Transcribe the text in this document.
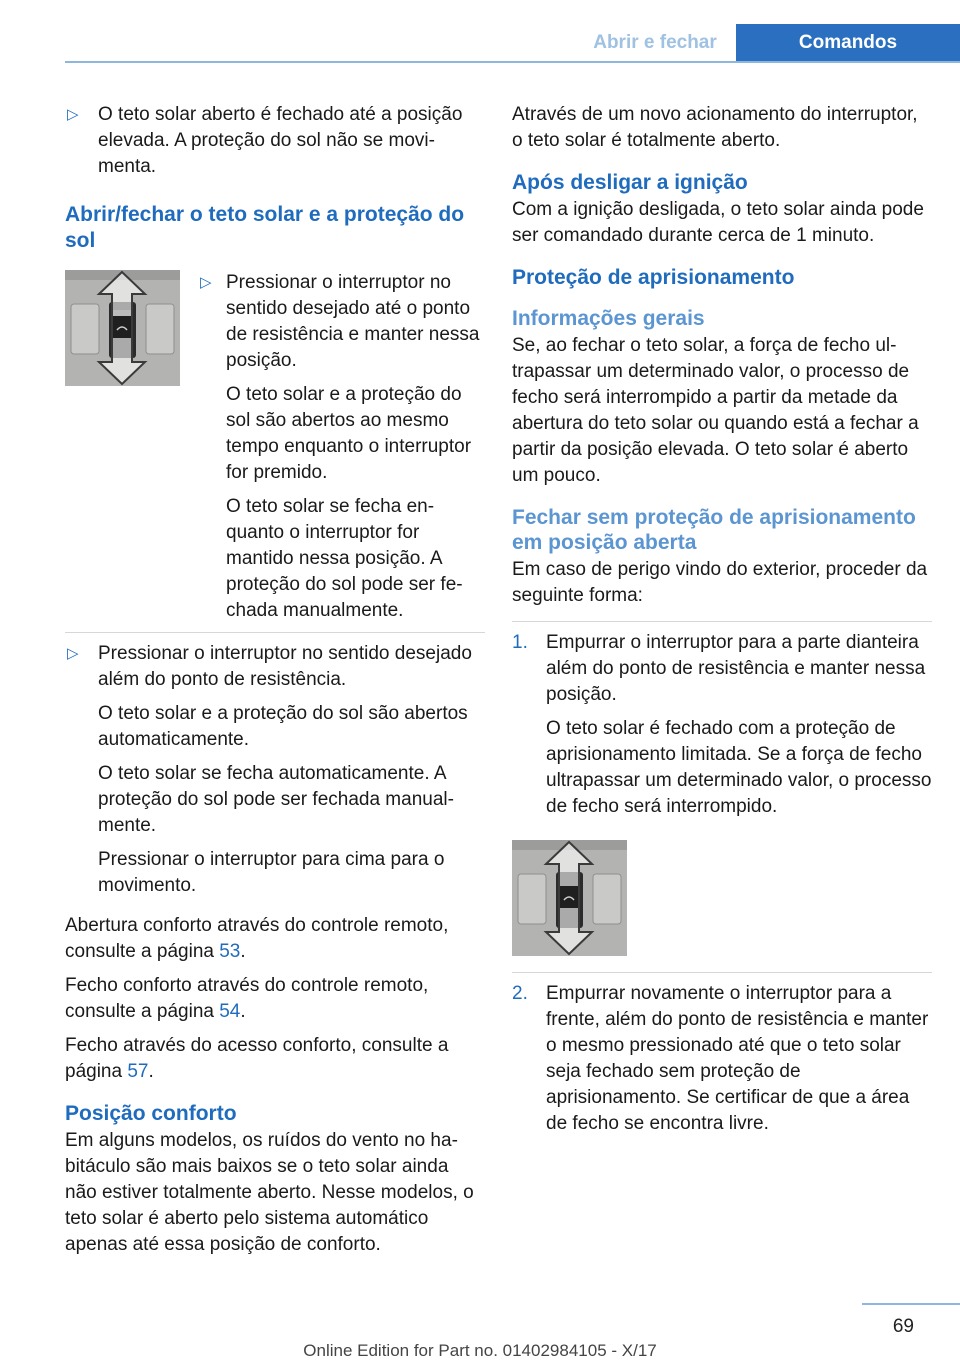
Abrir e fechar	Comandos
▷ O teto solar aberto é fechado até a posição elevada. A proteção do sol não se movimenta.

Abrir/fechar o teto solar e a proteção do sol
▷ Pressionar o interruptor no sentido desejado até o ponto de resistência e manter nessa posição.

O teto solar e a proteção do sol são abertos ao mesmo tempo enquanto o interruptor for premido.

O teto solar se fecha enquanto o interruptor for mantido nessa posição. A proteção do sol pode ser fechada manualmente.

▷ Pressionar o interruptor no sentido desejado além do ponto de resistência.

O teto solar e a proteção do sol são abertos automaticamente.

O teto solar se fecha automaticamente. A proteção do sol pode ser fechada manualmente.

Pressionar o interruptor para cima para o movimento.

Abertura conforto através do controle remoto, consulte a página 53.

Fecho conforto através do controle remoto, consulte a página 54.

Fecho através do acesso conforto, consulte a página 57.

Posição conforto

Em alguns modelos, os ruídos do vento no habitáculo são mais baixos se o teto solar ainda não estiver totalmente aberto. Nesse modelos, o teto solar é aberto pelo sistema automático apenas até essa posição de conforto.

Através de um novo acionamento do interruptor, o teto solar é totalmente aberto.

Após desligar a ignição

Com a ignição desligada, o teto solar ainda pode ser comandado durante cerca de 1 minuto.

Proteção de aprisionamento
Informações gerais

Se, ao fechar o teto solar, a força de fecho ultrapassar um determinado valor, o processo de fecho será interrompido a partir da metade da abertura do teto solar ou quando está a fechar a partir da posição elevada. O teto solar é aberto um pouco.

Fechar sem proteção de aprisionamento em posição aberta

Em caso de perigo vindo do exterior, proceder da seguinte forma:

1. Empurrar o interruptor para a parte dianteira além do ponto de resistência e manter nessa posição.

O teto solar é fechado com a proteção de aprisionamento limitada. Se a força de fecho ultrapassar um determinado valor, o processo de fecho será interrompido.

2. Empurrar novamente o interruptor para a frente, além do ponto de resistência e manter o mesmo pressionado até que o teto solar seja fechado sem proteção de aprisionamento. Se certificar de que a área de fecho se encontra livre.

69
Online Edition for Part no. 01402984105 - X/17
